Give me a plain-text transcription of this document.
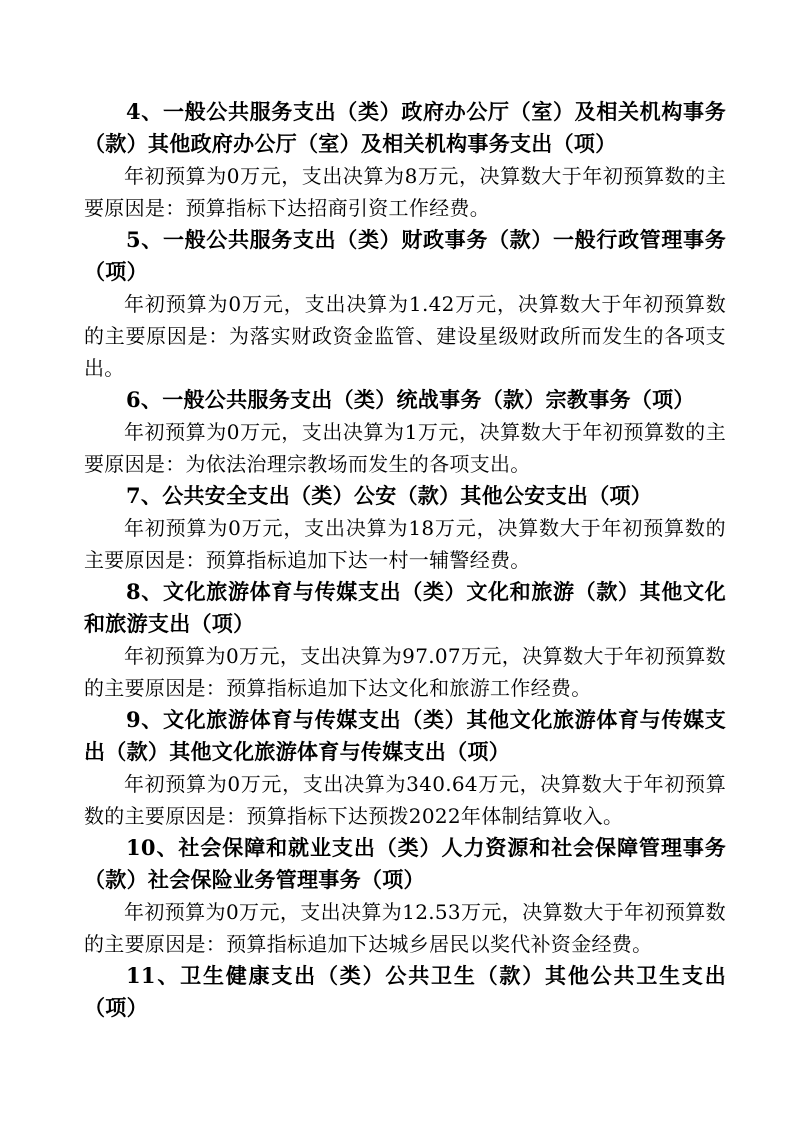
4、一般公共服务支出（类）政府办公厅（室）及相关机构事务（款）其他政府办公厅（室）及相关机构事务支出（项）

年初预算为0万元，支出决算为8万元，决算数大于年初预算数的主要原因是：预算指标下达招商引资工作经费。

5、一般公共服务支出（类）财政事务（款）一般行政管理事务（项）

年初预算为0万元，支出决算为1.42万元，决算数大于年初预算数的主要原因是：为落实财政资金监管、建设星级财政所而发生的各项支出。

6、一般公共服务支出（类）统战事务（款）宗教事务（项）

年初预算为0万元，支出决算为1万元，决算数大于年初预算数的主要原因是：为依法治理宗教场而发生的各项支出。

7、公共安全支出（类）公安（款）其他公安支出（项）

年初预算为0万元，支出决算为18万元，决算数大于年初预算数的主要原因是：预算指标追加下达一村一辅警经费。

8、文化旅游体育与传媒支出（类）文化和旅游（款）其他文化和旅游支出（项）

年初预算为0万元，支出决算为97.07万元，决算数大于年初预算数的主要原因是：预算指标追加下达文化和旅游工作经费。

9、文化旅游体育与传媒支出（类）其他文化旅游体育与传媒支出（款）其他文化旅游体育与传媒支出（项）

年初预算为0万元，支出决算为340.64万元，决算数大于年初预算数的主要原因是：预算指标下达预拨2022年体制结算收入。

10、社会保障和就业支出（类）人力资源和社会保障管理事务（款）社会保险业务管理事务（项）

年初预算为0万元，支出决算为12.53万元，决算数大于年初预算数的主要原因是：预算指标追加下达城乡居民以奖代补资金经费。

11、卫生健康支出（类）公共卫生（款）其他公共卫生支出（项）
